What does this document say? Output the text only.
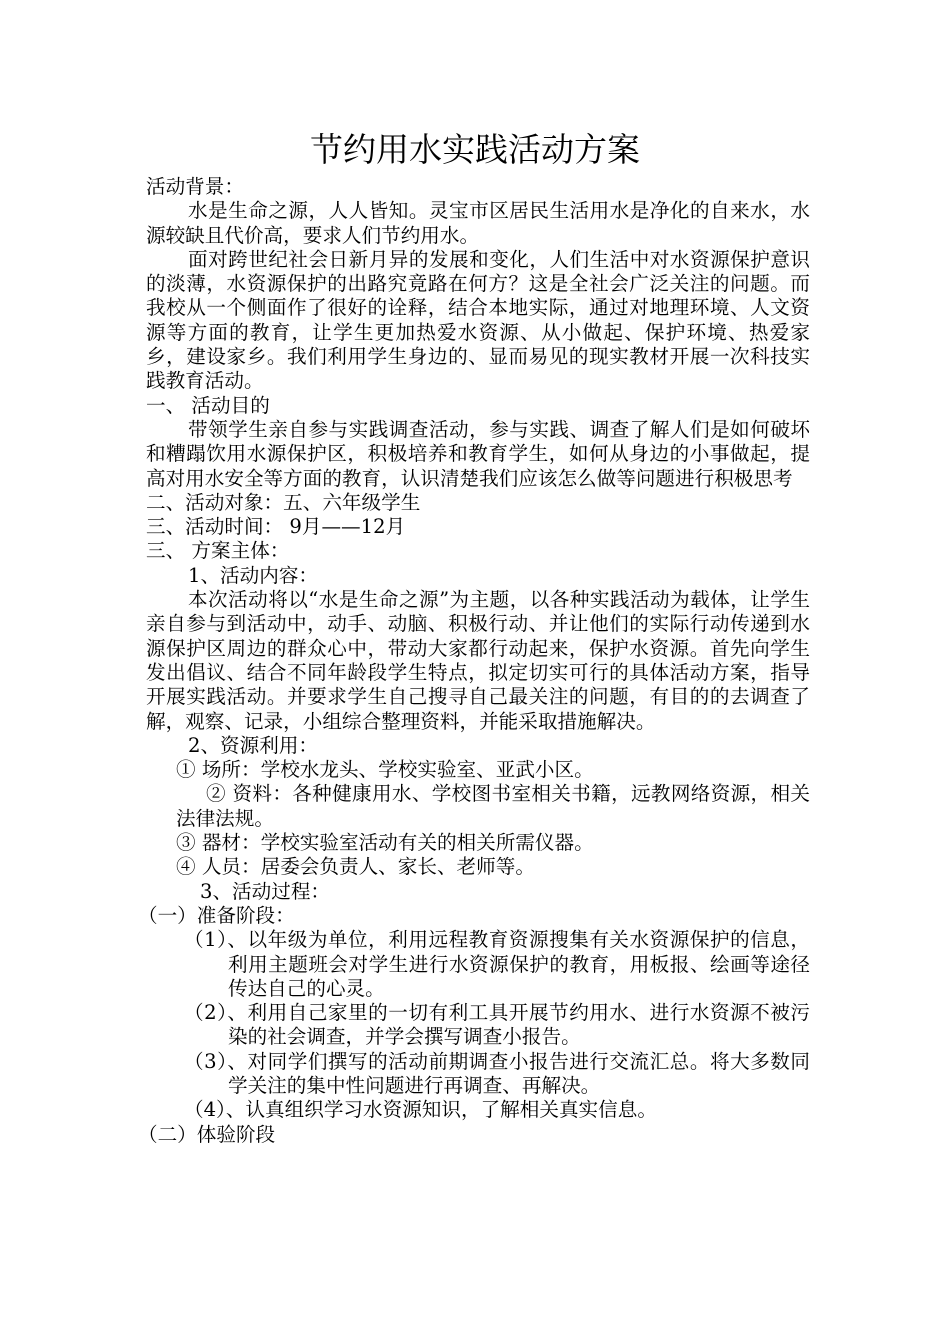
节约用水实践活动方案

活动背景：

水是生命之源，人人皆知。灵宝市区居民生活用水是净化的自来水，水源较缺且代价高，要求人们节约用水。

面对跨世纪社会日新月异的发展和变化，人们生活中对水资源保护意识的淡薄，水资源保护的出路究竟路在何方？这是全社会广泛关注的问题。而我校从一个侧面作了很好的诠释，结合本地实际，通过对地理环境、人文资源等方面的教育，让学生更加热爱水资源、从小做起、保护环境、热爱家乡，建设家乡。我们利用学生身边的、显而易见的现实教材开展一次科技实践教育活动。

一、 活动目的

带领学生亲自参与实践调查活动，参与实践、调查了解人们是如何破坏和糟蹋饮用水源保护区，积极培养和教育学生，如何从身边的小事做起，提高对用水安全等方面的教育，认识清楚我们应该怎么做等问题进行积极思考

二、活动对象：五、六年级学生

三、活动时间： 9月——12月

三、 方案主体：

1、活动内容：

本次活动将以“水是生命之源”为主题，以各种实践活动为载体，让学生亲自参与到活动中，动手、动脑、积极行动、并让他们的实际行动传递到水源保护区周边的群众心中，带动大家都行动起来，保护水资源。首先向学生发出倡议、结合不同年龄段学生特点，拟定切实可行的具体活动方案，指导开展实践活动。并要求学生自己搜寻自己最关注的问题，有目的的去调查了解，观察、记录，小组综合整理资料，并能采取措施解决。

2、资源利用：

① 场所：学校水龙头、学校实验室、亚武小区。

② 资料：各种健康用水、学校图书室相关书籍，远教网络资源，相关法律法规。

③ 器材：学校实验室活动有关的相关所需仪器。

④ 人员：居委会负责人、家长、老师等。

3、活动过程：

（一）准备阶段：

（1）、以年级为单位，利用远程教育资源搜集有关水资源保护的信息，利用主题班会对学生进行水资源保护的教育，用板报、绘画等途径传达自己的心灵。

（2）、利用自己家里的一切有利工具开展节约用水、进行水资源不被污染的社会调查，并学会撰写调查小报告。

（3）、对同学们撰写的活动前期调查小报告进行交流汇总。将大多数同学关注的集中性问题进行再调查、再解决。

（4）、认真组织学习水资源知识，了解相关真实信息。

（二）体验阶段
